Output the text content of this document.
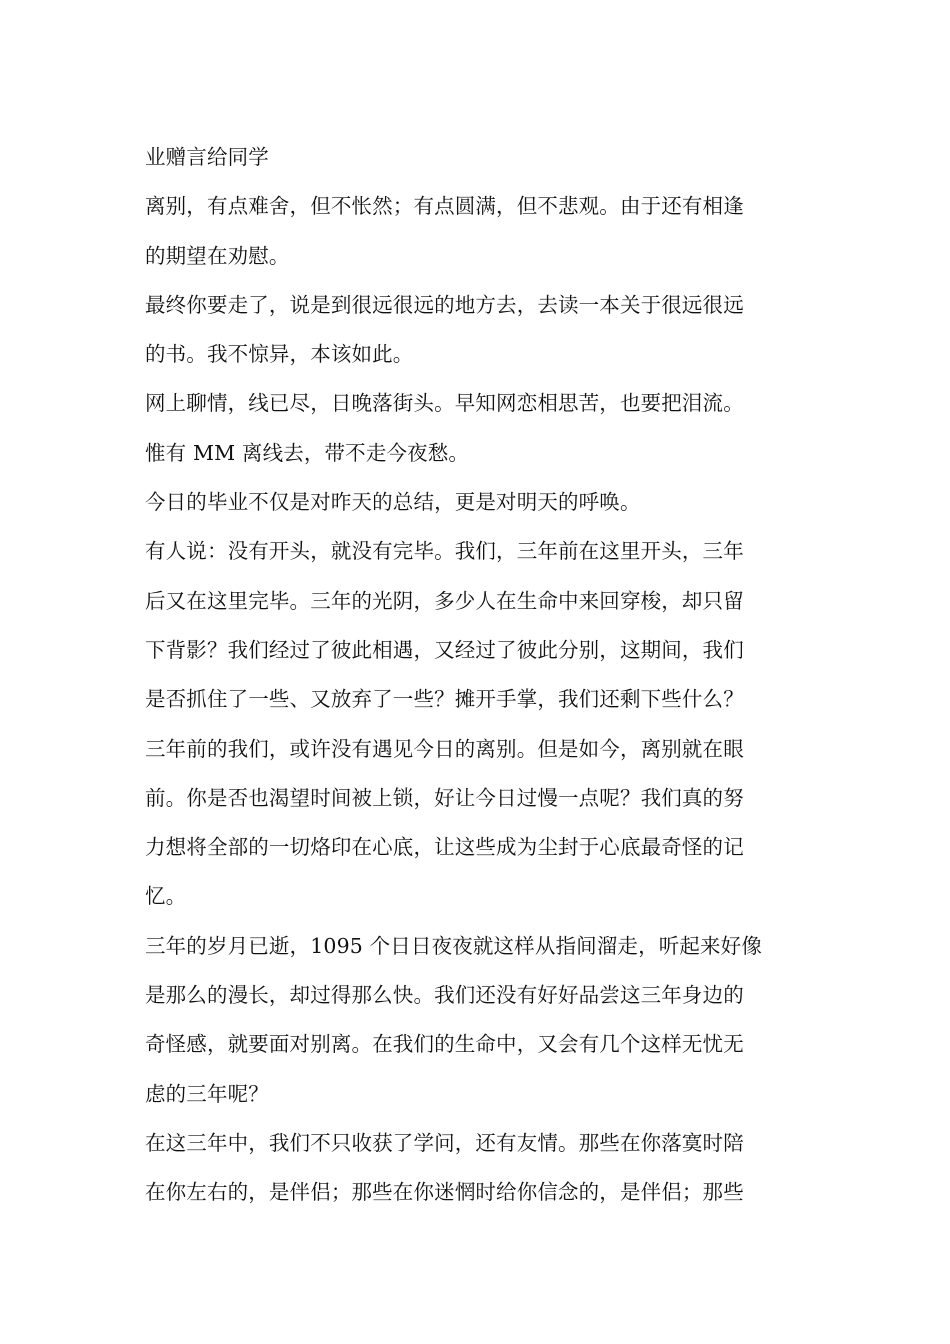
业赠言给同学
离别，有点难舍，但不怅然；有点圆满，但不悲观。由于还有相逢
的期望在劝慰。
最终你要走了，说是到很远很远的地方去，去读一本关于很远很远
的书。我不惊异，本该如此。
网上聊情，线已尽，日晚落街头。早知网恋相思苦，也要把泪流。
惟有 MM 离线去，带不走今夜愁。
今日的毕业不仅是对昨天的总结，更是对明天的呼唤。
有人说：没有开头，就没有完毕。我们，三年前在这里开头，三年
后又在这里完毕。三年的光阴，多少人在生命中来回穿梭，却只留
下背影？我们经过了彼此相遇，又经过了彼此分别，这期间，我们
是否抓住了一些、又放弃了一些？摊开手掌，我们还剩下些什么？
三年前的我们，或许没有遇见今日的离别。但是如今，离别就在眼
前。你是否也渴望时间被上锁，好让今日过慢一点呢？我们真的努
力想将全部的一切烙印在心底，让这些成为尘封于心底最奇怪的记
忆。
三年的岁月已逝，1095 个日日夜夜就这样从指间溜走，听起来好像
是那么的漫长，却过得那么快。我们还没有好好品尝这三年身边的
奇怪感，就要面对别离。在我们的生命中，又会有几个这样无忧无
虑的三年呢？
在这三年中，我们不只收获了学问，还有友情。那些在你落寞时陪
在你左右的，是伴侣；那些在你迷惘时给你信念的，是伴侣；那些
